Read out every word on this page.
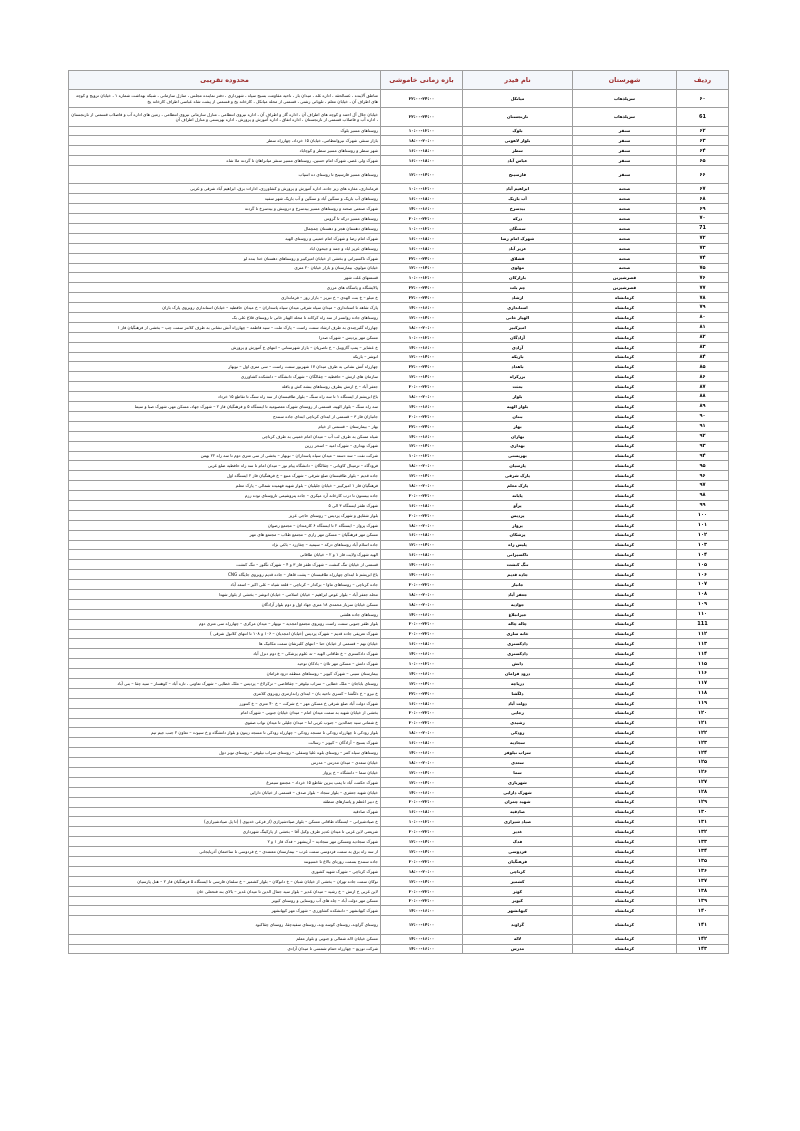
ردیف	شهرستان	نام فیدر	بازه زمانی خاموشی	محدوده تقریبی
۶۰	سرپلذهاب	میانکل	۲۲:۰۰-۲۴:۰۰	مناطق آلاینده ، عسالحقه ، اداره غله ، میدان بار ، ناحیه مقاومت بسیج سپاه ، شهرداری ، دفتر نماینده مجلس ، منازل سازمانی ، شبکه بهداشت شماره ۱ ، خیابان ترویج و کوچه های اطراف آن ، خیابان معلم ، تلویانی رشتی ، قسمتی از محله میانکل ، کارخانه یخ و قسمتی از پشت شاه عباسی اطراف کارخانه یخ
61	سرپلذهاب	نارنجستان	۲۲:۰۰-۲۴:۰۰	خیابان جلال آل احمد و کوچه های اطراف آن ، اداره گاز و اطراف آن ، اداره نیروی انتظامی ، منازل سازمانی نیروی انتظامی ، زمین های اداره آب و فاضلاب قسمتی از نارنجستان ، اداره آب و فاضلاب قسمتی از نارنجستان ، اداره اتفاق ، اداره آموزش و پرورش ، اداره بهزیستی و منازل اطراف آن
۶۲	سنقر	بلوک	۱۰:۰۰-۱۲:۰۰	روستاهای مسیر بلوک
۶۳	سنقر	بلوار لاهوتی	۱۸:۰۰-۲۰:۰۰	بازار سنقر، شهرک نیروانتظامی، خیابان ۱۵ خرداد، چهارراه سطر
۶۴	سنقر	سطر	۱۶:۰۰-۱۸:۰۰	شهر سطر و روستاهای مسیر سطر و کوچاباد
۶۵	سنقر	عباس آباد	۱۶:۰۰-۱۸:۰۰	شهرک ولی عصر، شهرک امام حسین، روستاهای مسیر سنقر میانراهان تا گردنه ملا شاه
۶۶	سنقر	فارسینج	۱۲:۰۰-۱۴:۰۰	روستاهای مسیر فارسینج تا روستای ده اسپاب
۶۷	صحنه	ابراهیم آباد	۱۰:۰۰-۱۲:۰۰	فرمانداری، مغازه های زیر جاده، اداره آموزش و پرورش و کشاورزی، ادارات برق، ابراهیم آباد شرقی و غربی
۶۸	صحنه	آب باریک	۱۶:۰۰-۱۸:۰۰	روستاهای آب باریک و سنگین آباد و سنگین و آب باریک شهر سفید
۶۹	صحنه	بیدسرخ	۱۴:۰۰-۱۶:۰۰	شهرک صنعتی صحنه و روستاهای مسیر بیدسرخ و دروینش و بیدسرخ تا گردنه
۷۰	صحنه	درکه	۲۰:۰۰-۲۲:۰۰	روستاهای مسیر درکه تا گروس
71	صحنه	سمنگان	۱۰:۰۰-۱۲:۰۰	روستاهای دهستان هجر و دهستان چمچمال
۷۲	صحنه	شهرک امام رضا	۱۶:۰۰-۱۸:۰۰	شهرک امام رضا و شهرک امام خمینی و روستای الهیه
۷۳	صحنه	عزیز آباد	۱۶:۰۰-۱۸:۰۰	روستاهای عزیز اباد و جمه و جیحون اباد
۷۴	صحنه	قشلاق	۲۲:۰۰-۲۴:۰۰	شهرک تاکسیرانی و بخشی از خیابان امیرکبیر و روستاهای دهستان خدا بنده لو
۷۵	صحنه	مولوی	۱۲:۰۰-۱۴:۰۰	خیابان مولوی، بیمارستان و بازار خیابان ۲۰ متری
۷۶	قصرشیرین	بازارکان	۱۰:۰۰-۱۲:۰۰	قسمتهای غلت شهر
۷۷	قصرشیرین	چم بلت	۲۲:۰۰-۲۴:۰۰	پالایشگاه و پاسگاه های مرزی
۷۸	کرمانشاه	ارشاد	۲۲:۰۰-۲۴:۰۰	خ مبلو – خ بنت الهدی – خ تبریز – بازار روز – فرمانداری
۷۹	کرمانشاه	استانداری	۱۴:۰۰-۱۶:۰۰	پارک شاهد تا استانداری – میدان سپاه شرقی میدان سپاه پاسداران – خ میدان حافظیه – خیابان استانداری روبروی پارک باران
۸۰	کرمانشاه	الهیار خانی	۱۲:۰۰-۱۴:۰۰	روستاهای جاده روانسر از سه راه کرکانه تا محله الهیار خانی تا روستای قلاع علی بک
۸۱	کرمانشاه	امیرکبیر	۱۸:۰۰-۲۰:۰۰	چهارراه گلبرچندی به طرف ارشاد سمت راست – پارک ملت – سید فاطمه – چهارراه آتش نشانی به طرف کلانتر سمت چپ – بخشی از فرهنگیان فاز ۱
۸۲	کرمانشاه	آزادگان	۱۰:۰۰-۱۲:۰۰	مسکن مهر پردیس – شهرک صدرا
۸۳	کرمانشاه	آزادی	۱۴:۰۰-۱۶:۰۰	خ عشایر – پمپ گازوییل – خ ناصریان – بازار شهرستانی – انتهای خ آموزش و پرورش
۸۴	کرمانشاه	باریکه	۱۲:۰۰-۱۴:۰۰	انوشر – باریکه
۸۵	کرمانشاه	باهداد	۲۲:۰۰-۲۴:۰۰	چهارراه آتش نشانی به طرف میدان ۱۷ شهریور سمت راست – سی متری اول – نوبهار
۸۶	کرمانشاه	برزکراه	۱۲:۰۰-۱۴:۰۰	سازمان های ارتش – حافظیه – چقالگان – شهرک دانشگاه – دانشکده کشاورزی
۸۷	کرمانشاه	بعثت	۲۰:۰۰-۲۲:۰۰	جعفر آباد – خ ارتش بطرف روستاهای بنشه کش و بافله
۸۸	کرمانشاه	بلوار	۱۸:۰۰-۲۰:۰۰	باغ ابریشم از ایستگاه ۱ تا سه راه سنگ – بلوار طاقبستان از سه راه سنگ تا تقاطع ۱۵ خرداد
۸۹	کرمانشاه	بلوار الهیه	۱۴:۰۰-۱۶:۰۰	سه راه سنگ – بلوار الهیه، قسمتی از روستای شهرک معصومیه تا ایستگاه ۵ و فرهنگیان فاز ۲ – شهرک جهاد، مسکن مهر، شهرک صبا و سیما
۹۰	کرمانشاه	بنتان	۲۰:۰۰-۲۲:۰۰	جانبازان فاز ۳ – قسمتی از ابتدای کرناچی ابتدای جاده سنندج
۹۱	کرمانشاه	بهار	۲۲:۰۰-۲۴:۰۰	بهار – بیمارستان – قسمتی از خیام
۹۲	کرمانشاه	بهاران	۱۴:۰۰-۱۶:۰۰	شیاه مسکن به طرف لب آب – میدان امام خمینی به طرف کرناچی
۹۳	کرمانشاه	بهداری	۱۲:۰۰-۱۴:۰۰	شهرک بهداری – شهرک امید – اسحر زرین
۹۴	کرمانشاه	بهزیستی	۱۰:۰۰-۱۲:۰۰	شرکت نفت – سد دسته – میدان سپاه پاسداران – نوبهار – بخشی از سی متری دوم تا سه راه ۲۲ بهمن
۹۵	کرمانشاه	پارسیان	۱۸:۰۰-۲۰:۰۰	فرودگاه – ترمینال کاویانی – چقالگان – دانشگاه پیام نور – میدان امام تا سه راه حافظیه ضلع غربی
۹۶	کرمانشاه	پارک شرقی	۱۲:۰۰-۱۴:۰۰	جاده قدیم – بلوار طاقبستان ضلع شرقی – شهرک منبع – خ فرهنگیان فاز ۲ ایستگاه اول
۹۷	کرمانشاه	پارک معلم	۱۸:۰۰-۲۰:۰۰	فرهنگیان فاز ۱ امیرکبیر – خیابان جلیلیان – بلوار شهید فهمیده شمالی – پارک معلم
۹۸	کرمانشاه	پایانه	۲۰:۰۰-۲۲:۰۰	جاده بیستون تا درب کارخانه آرد میکری – جاده پتروشیمی تاروستای توده رزم
۹۹	کرمانشاه	پرآو	۱۶:۰۰-۱۸:۰۰	شهرک ظفر ایستگاه ۳ الی ۵
۱۰۰	کرمانشاه	پردیس	۲۰:۰۰-۲۲:۰۰	بلوار شقایق و شهرک پردیس – روستای حاجی عزیز
۱۰۱	کرمانشاه	پرواز	۱۸:۰۰-۲۰:۰۰	شهرک پرواز – ایستگاه ۲ تا ایستگاه ۶ کارمندان – مجتمع رضوان
۱۰۲	کرمانشاه	پزشکان	۱۶:۰۰-۱۸:۰۰	مسکن مهر فرهنگیان – مسکن مهر رازی – مجتمع طلاب – مجتمع های مهر
۱۰۳	کرمانشاه	پلیس راه	۱۲:۰۰-۱۴:۰۰	جاده اسلام آباد روستاهای درکه – سیمیه – چغازرد – باغی نژاد
۱۰۴	کرمانشاه	تاکسیرانی	۱۶:۰۰-۱۸:۰۰	الهیه شهرک ولایت فاز ۱ و ۲ – خیابان طاقانی
۱۰۵	کرمانشاه	تنگ کنشت	۱۴:۰۰-۱۶:۰۰	قسمتی از خیابان تنگ کنشت – شهرک ظفر فاز ۳ و ۴ – شهرک نگلور – تنگ کنشت
۱۰۶	کرمانشاه	جاده قدیم	۱۴:۰۰-۱۶:۰۰	باغ ابریشم تا ابتدای چهارراه طاقبستان – پشت قاهار – جاده قدیم روبروی جایگاه CNG
۱۰۷	کرمانشاه	جانباز	۲۰:۰۰-۲۲:۰۰	جاده کرناچی – روستاهای ماوا – برکدار – کرناچی – قلعه شیاه – علی اکبر – اسعد آباد
۱۰۸	کرمانشاه	جعفر آباد	۱۸:۰۰-۲۰:۰۰	محله جعفر آباد – بلوار عوض ابراهیم – خیابان اسلامی – خیابان انوشر – بخشی از بلوار شهدا
۱۰۹	کرمانشاه	جوادیه	۱۸:۰۰-۲۰:۰۰	مسکن خیابان سرباز محمدی ۱۸ متری جهاد اول و دوم بلوار آزادگان
۱۱۰	کرمانشاه	جیرانبلاغ	۱۴:۰۰-۱۶:۰۰	روستاهای جاده هلشی
111	کرمانشاه	چاله چاله	۲۰:۰۰-۲۲:۰۰	بلوار ظفر جنوبی سمت راست روبروی مجتمع امجدیه – نوبهار – میدان مرکزی – چهارراه سی متری دوم
۱۱۲	کرمانشاه	خانه سازی	۲۰:۰۰-۲۲:۰۰	شهرک تعریفی جاده قدیم – شهرک پردیس (خیابان امجدیان – ۱۰۶ و ۱۰۸ تا انتهای کلانول شرقی )
۱۱۳	کرمانشاه	دادکستری	۱۶:۰۰-۱۸:۰۰	خیابان نهم – قسمتی از خیابان حنا – انتهای کلبرشان سمت مکانیک ها
۱۱۴	کرمانشاه	دادکستری	۱۴:۰۰-۱۶:۰۰	شهرک دادکستری – خ طاقانی الهیه – ته علوم پزشکی – خ دوم دنزل آباد
۱۱۵	کرمانشاه	دانش	۱۰:۰۰-۱۲:۰۰	شهرک دانش – مسکن مهر تلان – بادکان توحید
۱۱۶	کرمانشاه	درود فرامان	۱۴:۰۰-۱۶:۰۰	بیمارستان سینی – شهرک کیوبر – روستاهای منطقه درود فرامان
۱۱۷	کرمانشاه	دریاچه	۱۲:۰۰-۱۴:۰۰	روستای باباجان – ملک خطایی – سراب نیلوفر – چقاقاضی – ترکزلاع – پردیس – ملک خطایی – شهرک تعاونی ، تازه آباد – کوهسار – سید چقا – بنی آباد
۱۱۸	کرمانشاه	دلگشا	۲۲:۰۰-۲۴:۰۰	خ نیرو – خ دلگشا – کسری ناحیه بان – ابتدای زاندارمری روبروی کلانتری
۱۱۹	کرمانشاه	دولت آباد	۱۶:۰۰-۱۸:۰۰	شهرک دولت آباد ضلع شرقی خ مسکن مهر – خ شرکت – خ ۴۰ متری – خ کنتورز
۱۲۰	کرمانشاه	رجایی	۲۰:۰۰-۲۲:۰۰	بخشی از خیابان شهید به سمت میدان امام – میدان خیابان جنوبی – شهرک امام
۱۲۱	کرمانشاه	رشیدی	۲۰:۰۰-۲۲:۰۰	خ شماتی سید جمالدین – جنوب غربی لنا – میدان جلیلی تا میدان نواب صفوی
۱۲۲	کرمانشاه	رودکی	۱۸:۰۰-۲۰:۰۰	بلوار رودکی تا چهارراه رودکی تا مسجد رودکی – چهارراه رودکی تا مسجد زیتون و بلوار دانشگاه و خ سیوت – تعاون ۲ جنب جیم تیم
۱۲۳	کرمانشاه	سجادیه	۱۶:۰۰-۱۸:۰۰	شهرک بسیج – آزادگان – کیوبر – رسالت
۱۲۴	کرمانشاه	سراب نیلوفر	۱۴:۰۰-۱۶:۰۰	روستاهای سیاه کمر – روستای بلوه علیا وسفلی – روستای سراب نیلوفر – روستای توبر دول
۱۲۵	کرمانشاه	سعدی	۱۸:۰۰-۲۰:۰۰	خیابان سعدی – میدان مدرس – مدرس
۱۲۶	کرمانشاه	سما	۱۲:۰۰-۱۴:۰۰	خیابان سما – دانشگاه – خ پرواز
۱۲۷	کرمانشاه	شهریاری	۱۲:۰۰-۱۴:۰۰	شهرک حکمت آباد تا پمپ بنزین تقاطع ۱۵ خرداد – مجتمع سیمرغ
۱۲۸	کرمانشاه	شهرک دارایی	۱۴:۰۰-۱۶:۰۰	خیابان شهید جعفری – بلوار سجاد – بلوار صدف – قسمتی از خیابان دارایی
۱۲۹	کرمانشاه	شهید چمران	۲۰:۰۰-۲۲:۰۰	خ دبیر اعظم و پاسارهای منطقه
۱۳۰	کرمانشاه	صادقیه	۱۶:۰۰-۱۸:۰۰	شهرک صادقیه
۱۳۱	کرمانشاه	صیاد شیرازی	۱۰:۰۰-۱۲:۰۰	خ صیادشیرانی – ایستگاه طاقانی مسکن – بلوار صیادشیرازی (از فرعی خدیوی ) (تا پل صیادشیرازی)
۱۳۲	کرمانشاه	غدیر	۲۰:۰۰-۲۲:۰۰	شریعتی لاین غربی تا میدان غدیر طرف وکیل آقا – بخشی از پارکینگ شهرداری
۱۳۳	کرمانشاه	فدک	۱۲:۰۰-۱۴:۰۰	شهرک سجادیه ومسکن مهر سجادیه – آرینشهر – فدک فاز ۱ و ۲
۱۳۴	کرمانشاه	فردوسی	۱۲:۰۰-۱۴:۰۰	از سه راه برق به سمت فردوسی سمت غرب – بیمارستان معتمدی – خ فردوسی تا ساختمان آذربایجانی
۱۳۵	کرمانشاه	فرهنگیان	۲۰:۰۰-۲۲:۰۰	جاده سنندج بسمت روزتای بالاع تا خسیونند
۱۳۶	کرمانشاه	کرناچی	۱۸:۰۰-۲۰:۰۰	شهرک کرناچی – شهرک شهید کشوری
۱۳۷	کرمانشاه	کشمیر	۱۲:۰۰-۱۴:۰۰	نوکان سمت جاده تهران – بخشی از خیابان شبان – خ دانوکان – بلوار کشمیر – خ سلمان فارسی تا ایستگاه ۵ فرهنگیان فاز ۲ – هتل پارسیان
۱۳۸	کرمانشاه	کوثر	۲۰:۰۰-۲۲:۰۰	لاین غربی خ ارتش – خ رشید – میدان غدیر – بلوار سید جمال الدین تا میدان غدیر – بالای بند فتحعلی خان
۱۳۹	کرمانشاه	کیوبر	۲۰:۰۰-۲۲:۰۰	مسکن مهر دولت آباد – چاه های آب روستایی و روستای کیوبر
۱۴۰	کرمانشاه	کیهانشهر	۱۴:۰۰-۱۶:۰۰	شهرک کیهانشهر – دانشکده کشاورزی – شهرک مهر کیهانشهر
۱۴۱	کرمانشاه	گراوند	۱۲:۰۰-۱۴:۰۰	روستای گراوند، روستای کوسه وند، روستای سفیدچقا، روستای چقاکبود
۱۴۲	کرمانشاه	لاله	۱۴:۰۰-۱۶:۰۰	مسکن خیابان لاله شمالی و جنوبی و بلوار معلم
۱۴۳	کرمانشاه	مدرس	۱۴:۰۰-۱۶:۰۰	شرکت توزیع – چهارراه حمام شمسی تا میدان آزادی
